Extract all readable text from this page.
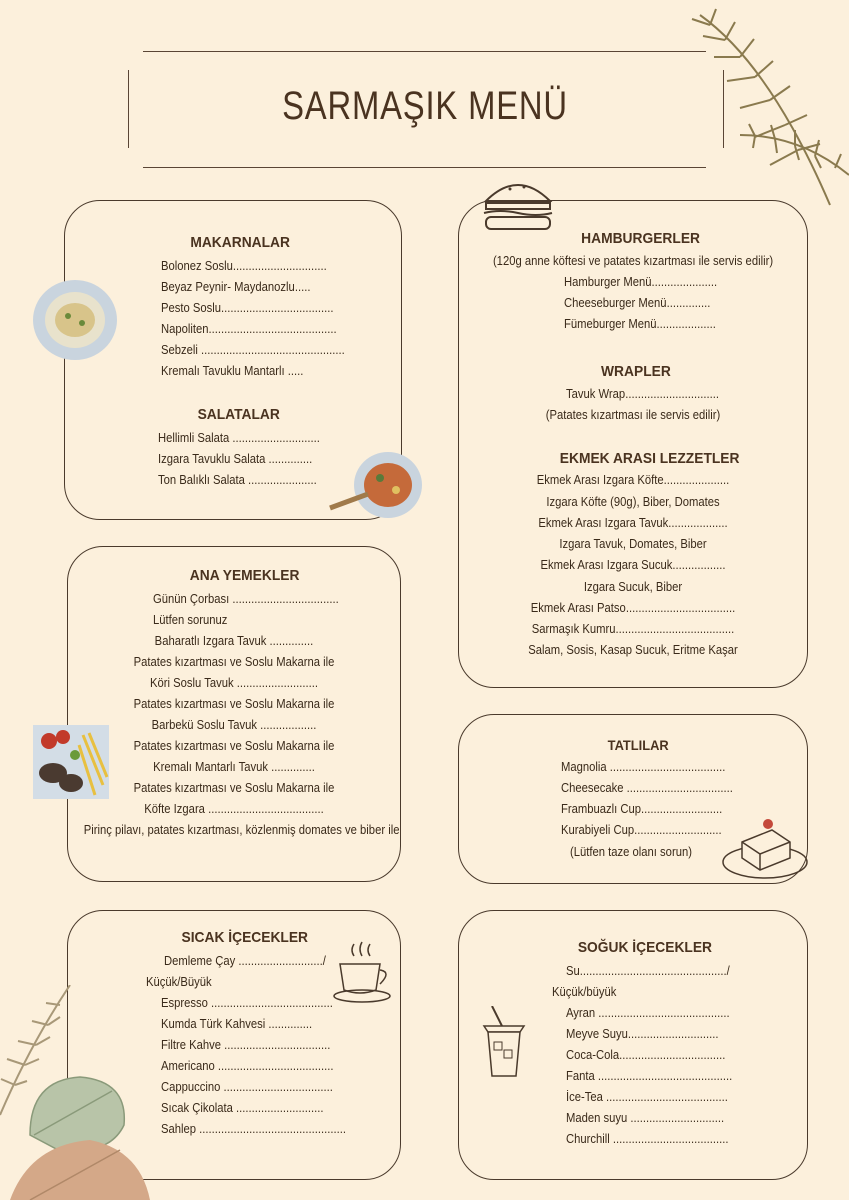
SARMAŞIK MENÜ
MAKARNALAR
Bolonez Soslu..............................
Beyaz Peynir- Maydanozlu.....
Pesto Soslu....................................
Napoliten.........................................
Sebzeli ..............................................
Kremalı Tavuklu Mantarlı .....
SALATALAR
Hellimli Salata ............................
Izgara Tavuklu Salata ..............
Ton Balıklı Salata ......................
HAMBURGERLER
(120g anne köftesi ve patates kızartması ile servis edilir)
Hamburger Menü.....................
Cheeseburger Menü..............
Fümeburger Menü...................
WRAPLER
Tavuk Wrap..............................
(Patates kızartması ile servis edilir)
EKMEK ARASI LEZZETLER
Ekmek Arası Izgara Köfte.....................
Izgara Köfte (90g), Biber, Domates
Ekmek Arası Izgara Tavuk...................
Izgara Tavuk, Domates, Biber
Ekmek Arası Izgara Sucuk.................
Izgara Sucuk, Biber
Ekmek Arası Patso...................................
Sarmaşık Kumru......................................
Salam, Sosis, Kasap Sucuk, Eritme Kaşar
ANA YEMEKLER
Günün Çorbası ..................................
Lütfen sorunuz
Baharatlı Izgara Tavuk ..............
Patates kızartması ve Soslu Makarna ile
Köri Soslu Tavuk ..........................
Patates kızartması ve Soslu Makarna ile
Barbekü Soslu Tavuk ..................
Patates kızartması ve Soslu Makarna ile
Kremalı Mantarlı Tavuk ..............
Patates kızartması ve Soslu Makarna ile
Köfte Izgara .....................................
Pirinç pilavı, patates kızartması, közlenmiş domates ve biber ile
TATLILAR
Magnolia .....................................
Cheesecake ..................................
Frambuazlı Cup..........................
Kurabiyeli Cup............................
(Lütfen taze olanı sorun)
SICAK İÇECEKLER
Demleme Çay .........................../
Küçük/Büyük
Espresso .......................................
Kumda Türk Kahvesi ..............
Filtre Kahve ..................................
Americano .....................................
Cappuccino ...................................
Sıcak Çikolata ............................
Sahlep ...............................................
SOĞUK İÇECEKLER
Su.............................................../
Küçük/büyük
Ayran ..........................................
Meyve Suyu.............................
Coca-Cola..................................
Fanta ...........................................
İce-Tea .......................................
Maden suyu ..............................
Churchill .....................................
